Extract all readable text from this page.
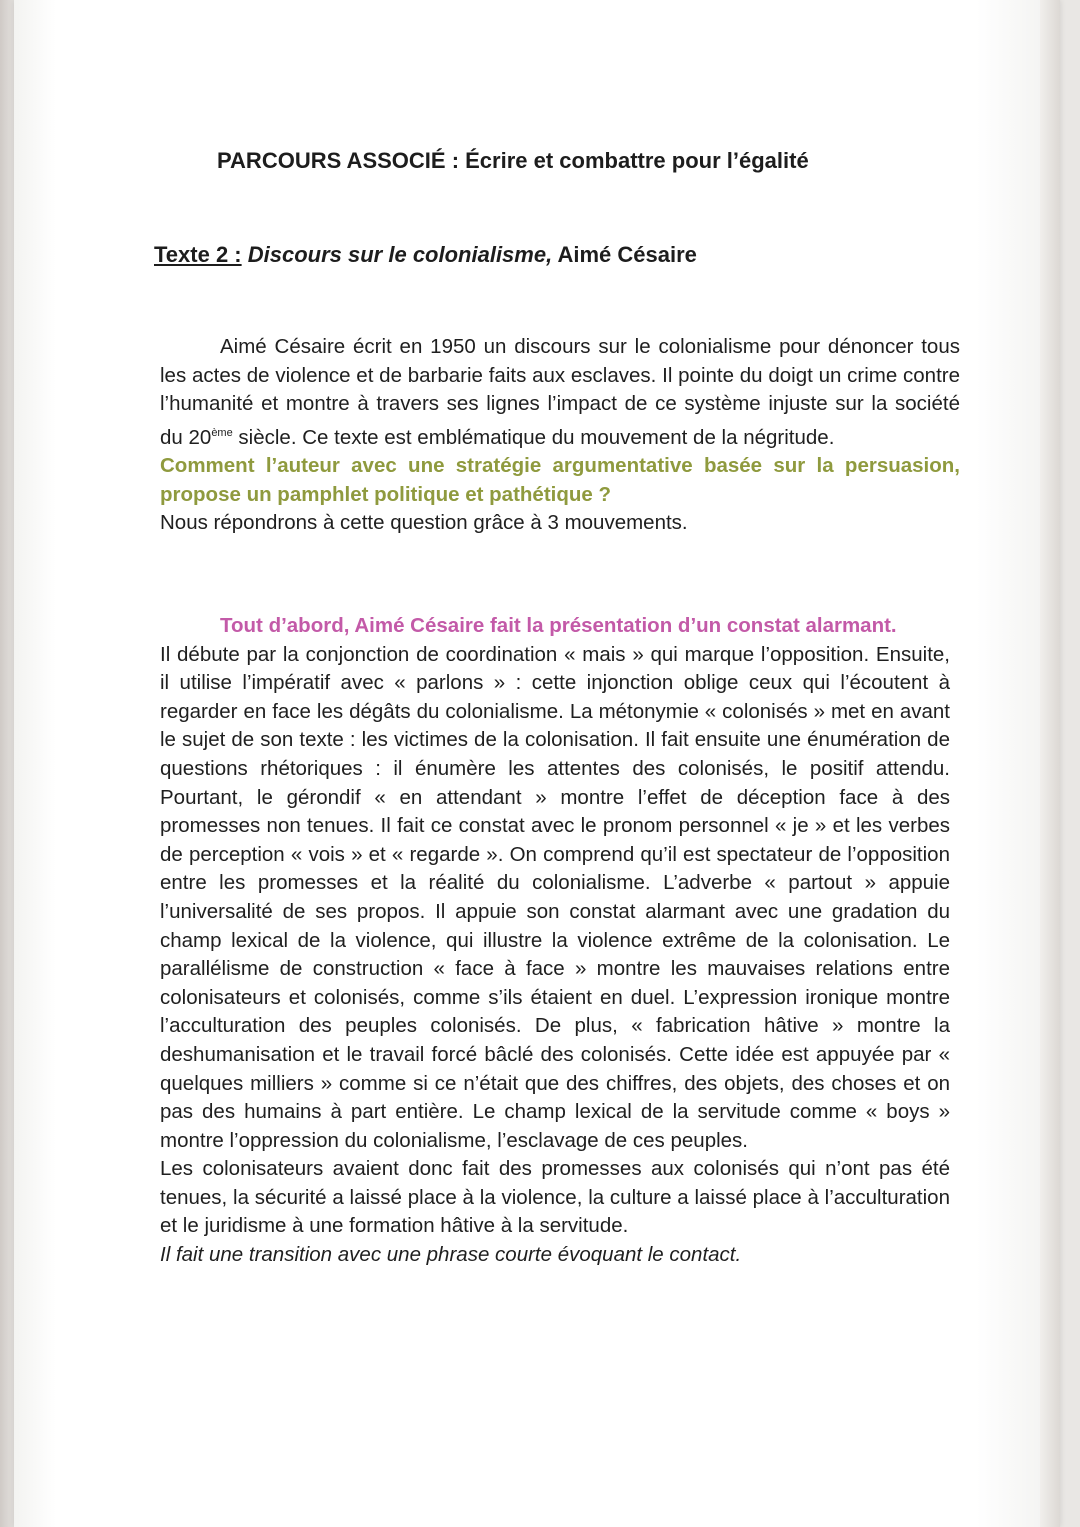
PARCOURS ASSOCIÉ : Écrire et combattre pour l’égalité
Texte 2 : Discours sur le colonialisme, Aimé Césaire

Aimé Césaire écrit en 1950 un discours sur le colonialisme pour dénoncer tous les actes de violence et de barbarie faits aux esclaves. Il pointe du doigt un crime contre l’humanité et montre à travers ses lignes l’impact de ce système injuste sur la société du 20ème siècle. Ce texte est emblématique du mouvement de la négritude.

Comment l’auteur avec une stratégie argumentative basée sur la persuasion, propose un pamphlet politique et pathétique ?

Nous répondrons à cette question grâce à 3 mouvements.

Tout d’abord, Aimé Césaire fait la présentation d’un constat alarmant.

Il débute par la conjonction de coordination « mais » qui marque l’opposition. Ensuite, il utilise l’impératif avec « parlons » : cette injonction oblige ceux qui l’écoutent à regarder en face les dégâts du colonialisme. La métonymie « colonisés » met en avant le sujet de son texte : les victimes de la colonisation. Il fait ensuite une énumération de questions rhétoriques : il énumère les attentes des colonisés, le positif attendu. Pourtant, le gérondif « en attendant » montre l’effet de déception face à des promesses non tenues. Il fait ce constat avec le pronom personnel « je » et les verbes de perception « vois » et « regarde ». On comprend qu’il est spectateur de l’opposition entre les promesses et la réalité du colonialisme. L’adverbe « partout » appuie l’universalité de ses propos. Il appuie son constat alarmant avec une gradation du champ lexical de la violence, qui illustre la violence extrême de la colonisation. Le parallélisme de construction « face à face » montre les mauvaises relations entre colonisateurs et colonisés, comme s’ils étaient en duel. L’expression ironique montre l’acculturation des peuples colonisés. De plus, « fabrication hâtive » montre la deshumanisation et le travail forcé bâclé des colonisés. Cette idée est appuyée par « quelques milliers » comme si ce n’était que des chiffres, des objets, des choses et on pas des humains à part entière. Le champ lexical de la servitude comme « boys » montre l’oppression du colonialisme, l’esclavage de ces peuples.

Les colonisateurs avaient donc fait des promesses aux colonisés qui n’ont pas été tenues, la sécurité a laissé place à la violence, la culture a laissé place à l’acculturation et le juridisme à une formation hâtive à la servitude.

Il fait une transition avec une phrase courte évoquant le contact.
